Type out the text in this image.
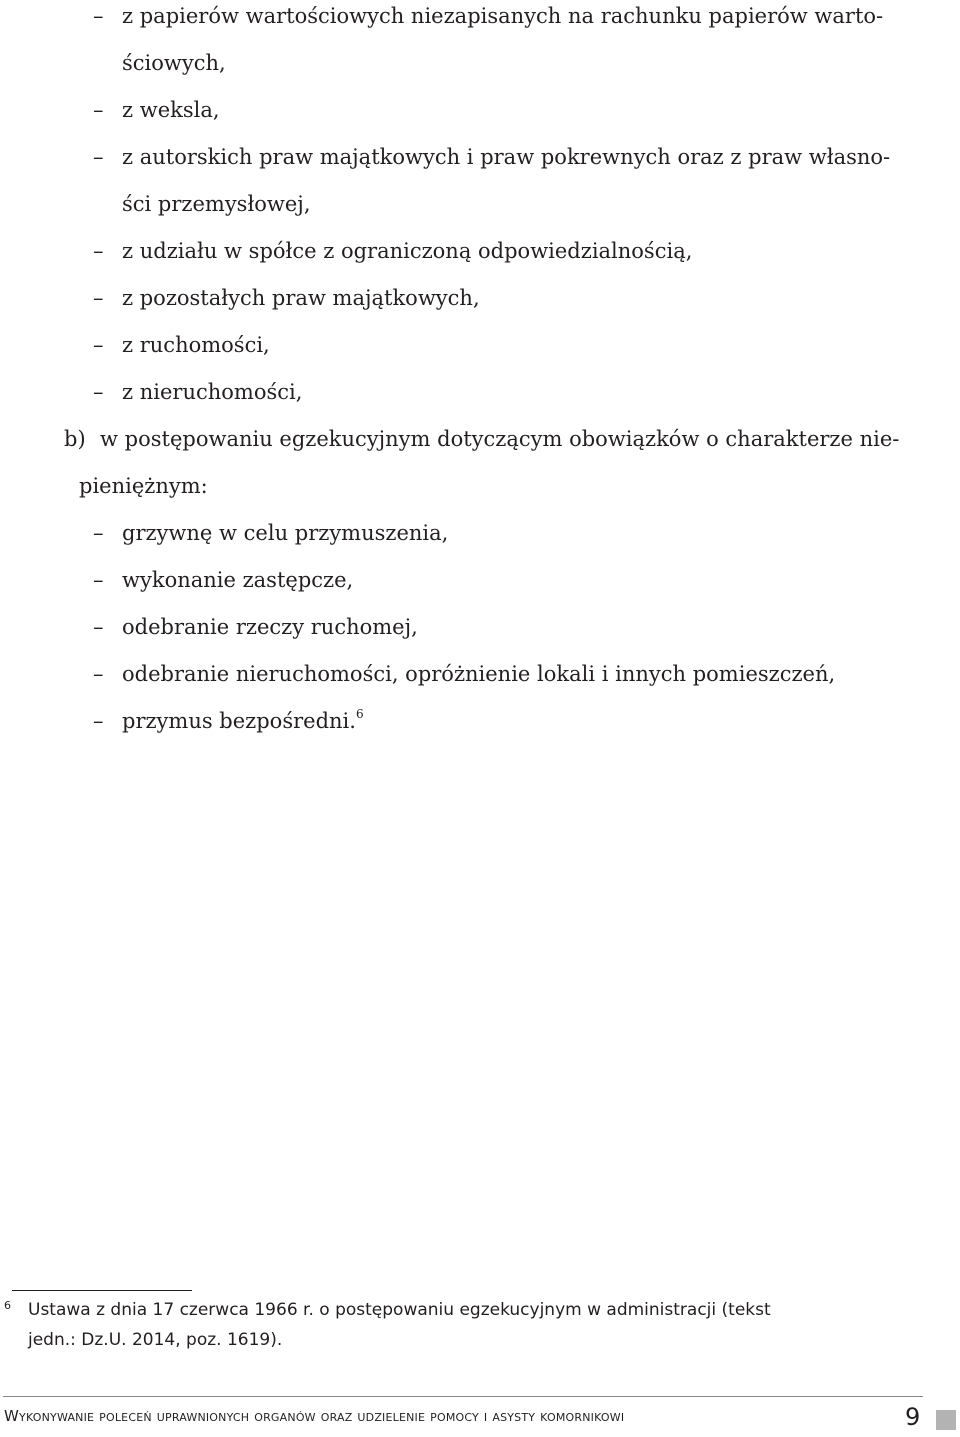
– z papierów wartościowych niezapisanych na rachunku papierów warto-
ściowych,
– z weksla,
– z autorskich praw majątkowych i praw pokrewnych oraz z praw własno-
ści przemysłowej,
– z udziału w spółce z ograniczoną odpowiedzialnością,
– z pozostałych praw majątkowych,
– z ruchomości,
– z nieruchomości,
b) w postępowaniu egzekucyjnym dotyczącym obowiązków o charakterze nie-
pieniężnym:
– grzywnę w celu przymuszenia,
– wykonanie zastępcze,
– odebranie rzeczy ruchomej,
– odebranie nieruchomości, opróżnienie lokali i innych pomieszczeń,
– przymus bezpośredni.$^6$
6 Ustawa z dnia 17 czerwca 1966 r. o postępowaniu egzekucyjnym w administracji (tekst
jedn.: Dz.U. 2014, poz. 1619).
Wykonywanie poleceń uprawnionych organów oraz udzielenie pomocy i asysty komornikowi	9
